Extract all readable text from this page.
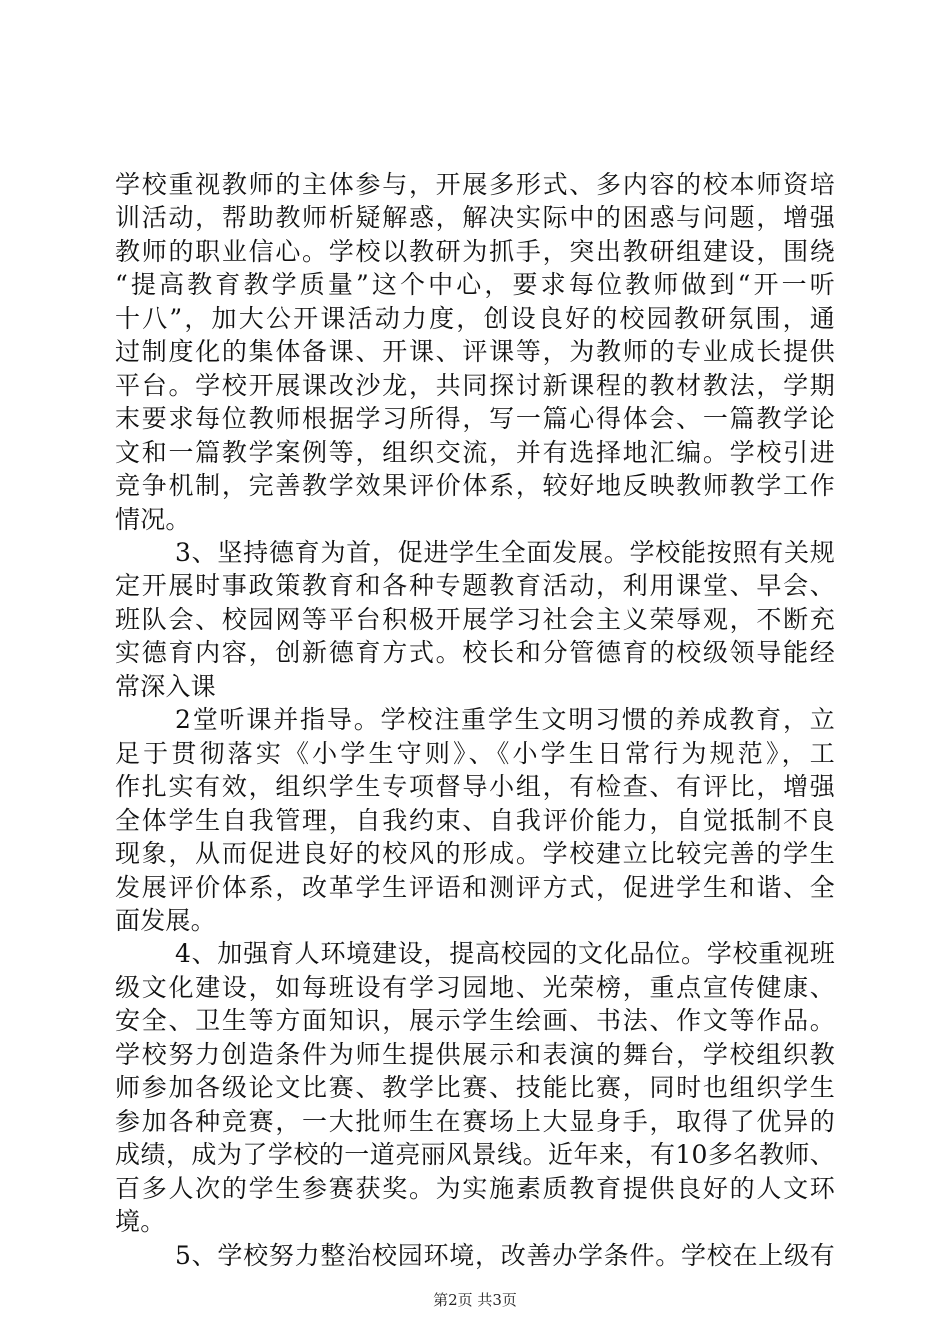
第2页 共3页
学校重视教师的主体参与，开展多形式、多内容的校本师资培
训活动，帮助教师析疑解惑，解决实际中的困惑与问题，增强
教师的职业信心。学校以教研为抓手，突出教研组建设，围绕
“提高教育教学质量”这个中心，要求每位教师做到“开一听
十八”，加大公开课活动力度，创设良好的校园教研氛围，通
过制度化的集体备课、开课、评课等，为教师的专业成长提供
平台。学校开展课改沙龙，共同探讨新课程的教材教法，学期
末要求每位教师根据学习所得，写一篇心得体会、一篇教学论
文和一篇教学案例等，组织交流，并有选择地汇编。学校引进
竞争机制，完善教学效果评价体系，较好地反映教师教学工作
情况。
3、坚持德育为首，促进学生全面发展。学校能按照有关规
定开展时事政策教育和各种专题教育活动，利用课堂、早会、
班队会、校园网等平台积极开展学习社会主义荣辱观，不断充
实德育内容，创新德育方式。校长和分管德育的校级领导能经
常深入课
2堂听课并指导。学校注重学生文明习惯的养成教育，立
足于贯彻落实《小学生守则》、《小学生日常行为规范》，工
作扎实有效，组织学生专项督导小组，有检查、有评比，增强
全体学生自我管理，自我约束、自我评价能力，自觉抵制不良
现象，从而促进良好的校风的形成。学校建立比较完善的学生
发展评价体系，改革学生评语和测评方式，促进学生和谐、全
面发展。
4、加强育人环境建设，提高校园的文化品位。学校重视班
级文化建设，如每班设有学习园地、光荣榜，重点宣传健康、
安全、卫生等方面知识，展示学生绘画、书法、作文等作品。
学校努力创造条件为师生提供展示和表演的舞台，学校组织教
师参加各级论文比赛、教学比赛、技能比赛，同时也组织学生
参加各种竞赛，一大批师生在赛场上大显身手，取得了优异的
成绩，成为了学校的一道亮丽风景线。近年来，有10多名教师、
百多人次的学生参赛获奖。为实施素质教育提供良好的人文环
境。
5、学校努力整治校园环境，改善办学条件。学校在上级有
